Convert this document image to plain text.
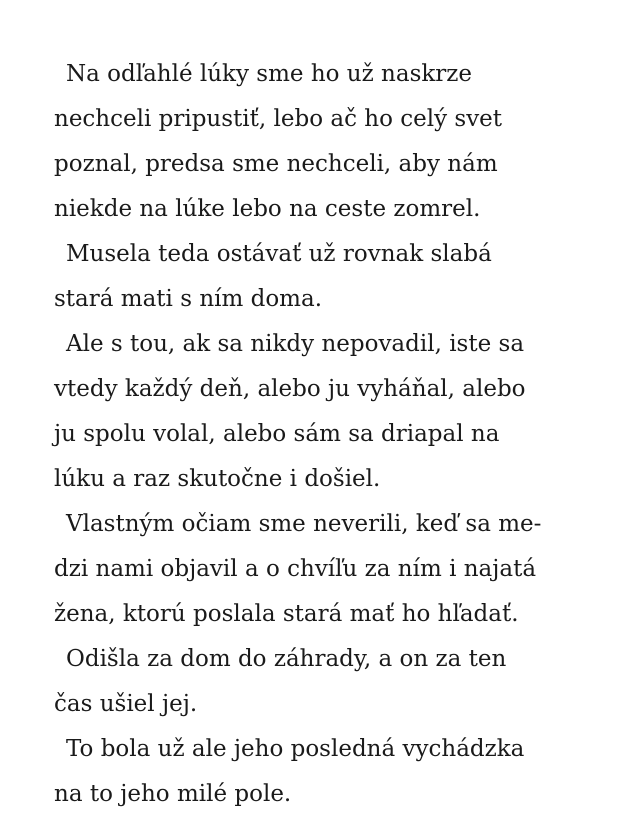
Na odľahlé lúky sme ho už naskrze
nechceli pripustiť, lebo ač ho celý svet
poznal, predsa sme nechceli, aby nám
niekde na lúke lebo na ceste zomrel.
Musela teda ostávať už rovnak slabá
stará mati s ním doma.
Ale s tou, ak sa nikdy nepovadil, iste sa
vtedy každý deň, alebo ju vyháňal, alebo
ju spolu volal, alebo sám sa driapal na
lúku a raz skutočne i došiel.
Vlastným očiam sme neverili, keď sa me-
dzi nami objavil a o chvíľu za ním i najatá
žena, ktorú poslala stará mať ho hľadať.
Odišla za dom do záhrady, a on za ten
čas ušiel jej.
To bola už ale jeho posledná vychádzka
na to jeho milé pole.
